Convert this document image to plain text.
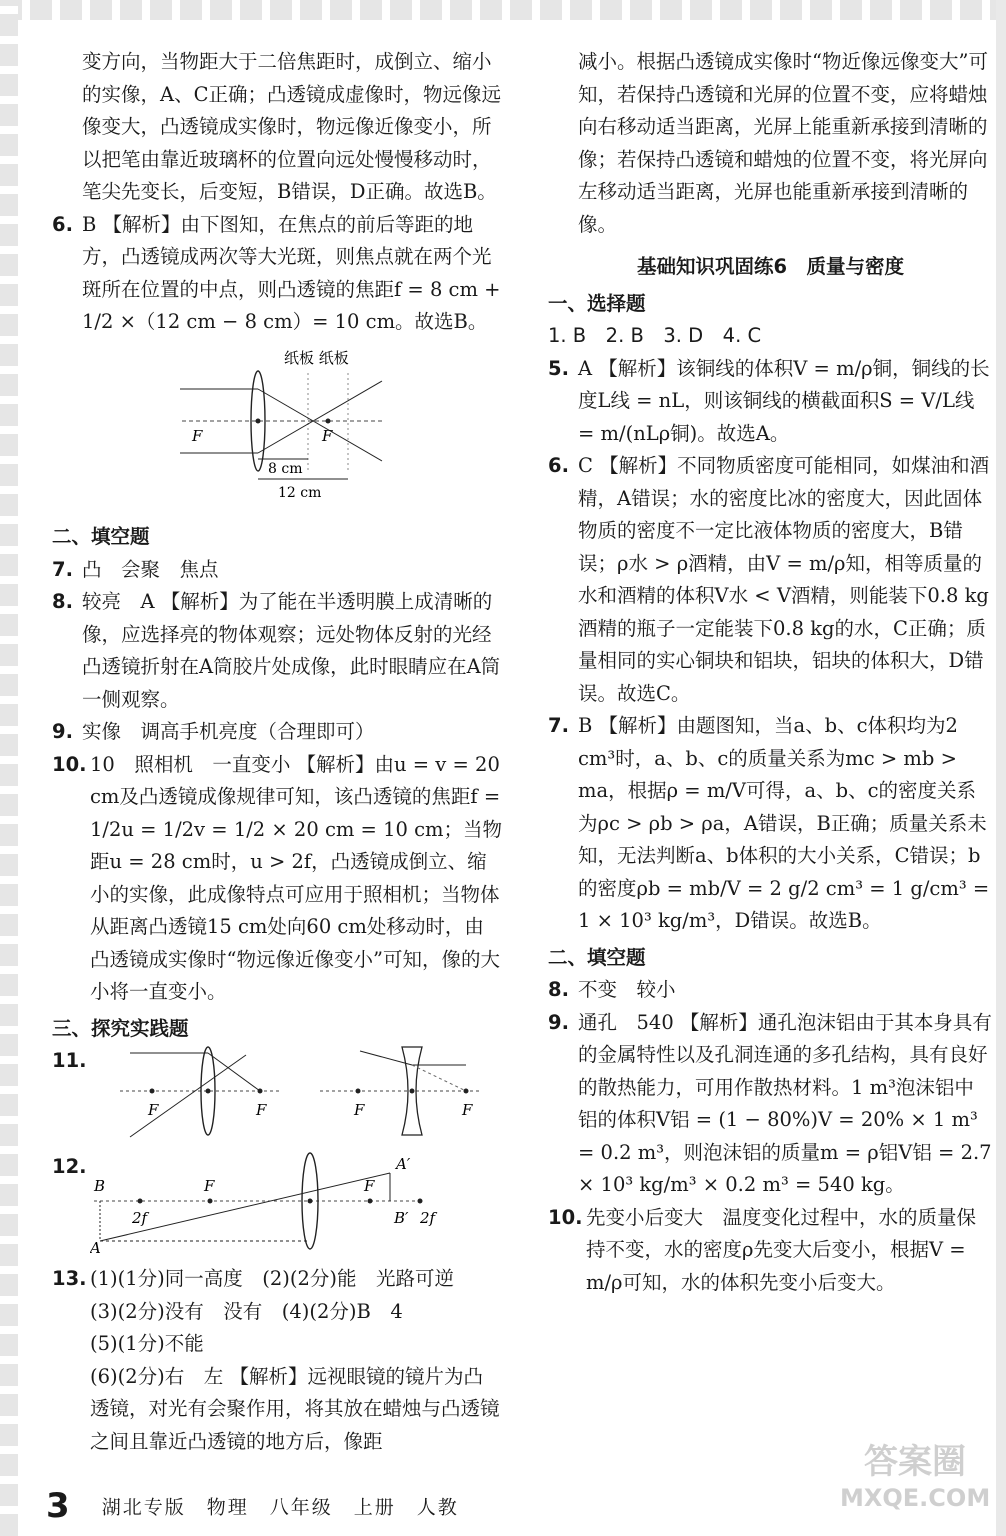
变方向，当物距大于二倍焦距时，成倒立、缩小的实像，A、C正确；凸透镜成虚像时，物远像远像变大，凸透镜成实像时，物远像近像变小，所以把笔由靠近玻璃杯的位置向远处慢慢移动时，笔尖先变长，后变短，B错误，D正确。故选B。

6. B 【解析】由下图知，在焦点的前后等距的地方，凸透镜成两次等大光斑，则焦点就在两个光斑所在位置的中点，则凸透镜的焦距f = 8 cm + 1/2 ×（12 cm − 8 cm）= 10 cm。故选B。
纸板 纸板
F	F
8 cm
12 cm
二、填空题
7. 凸　会聚　焦点
8. 较亮　A 【解析】为了能在半透明膜上成清晰的像，应选择亮的物体观察；远处物体反射的光经凸透镜折射在A筒胶片处成像，此时眼睛应在A筒一侧观察。
9. 实像　调高手机亮度（合理即可）
10. 10　照相机　一直变小 【解析】由u = v = 20 cm及凸透镜成像规律可知，该凸透镜的焦距f = 1/2u = 1/2v = 1/2 × 20 cm = 10 cm；当物距u = 28 cm时，u > 2f，凸透镜成倒立、缩小的实像，此成像特点可应用于照相机；当物体从距离凸透镜15 cm处向60 cm处移动时，由凸透镜成实像时“物远像近像变小”可知，像的大小将一直变小。
三、探究实践题
11.
F	F	F	F
12.
B
A
2f
F	F
A′
B′ 2f
13. (1)(1分)同一高度　(2)(2分)能　光路可逆
(3)(2分)没有　没有　(4)(2分)B　4
(5)(1分)不能
(6)(2分)右　左 【解析】远视眼镜的镜片为凸透镜，对光有会聚作用，将其放在蜡烛与凸透镜之间且靠近凸透镜的地方后，像距

减小。根据凸透镜成实像时“物近像远像变大”可知，若保持凸透镜和光屏的位置不变，应将蜡烛向右移动适当距离，光屏上能重新承接到清晰的像；若保持凸透镜和蜡烛的位置不变，将光屏向左移动适当距离，光屏也能重新承接到清晰的像。

基础知识巩固练6　质量与密度
一、选择题
1. B　2. B　3. D　4. C
5. A 【解析】该铜线的体积V = m/ρ铜，铜线的长度L线 = nL，则该铜线的横截面积S = V/L线 = m/(nLρ铜)。故选A。
6. C 【解析】不同物质密度可能相同，如煤油和酒精，A错误；水的密度比冰的密度大，因此固体物质的密度不一定比液体物质的密度大，B错误；ρ水 > ρ酒精，由V = m/ρ知，相等质量的水和酒精的体积V水 < V酒精，则能装下0.8 kg酒精的瓶子一定能装下0.8 kg的水，C正确；质量相同的实心铜块和铝块，铝块的体积大，D错误。故选C。
7. B 【解析】由题图知，当a、b、c体积均为2 cm³时，a、b、c的质量关系为mc > mb > ma，根据ρ = m/V可得，a、b、c的密度关系为ρc > ρb > ρa，A错误，B正确；质量关系未知，无法判断a、b体积的大小关系，C错误；b的密度ρb = mb/V = 2 g/2 cm³ = 1 g/cm³ = 1 × 10³ kg/m³，D错误。故选B。
二、填空题
8. 不变　较小
9. 通孔　540 【解析】通孔泡沫铝由于其本身具有的金属特性以及孔洞连通的多孔结构，具有良好的散热能力，可用作散热材料。1 m³泡沫铝中铝的体积V铝 = (1 − 80%)V = 20% × 1 m³ = 0.2 m³，则泡沫铝的质量m = ρ铝V铝 = 2.7 × 10³ kg/m³ × 0.2 m³ = 540 kg。
10. 先变小后变大　温度变化过程中，水的质量保持不变，水的密度ρ先变大后变小，根据V = m/ρ可知，水的体积先变小后变大。
3 湖北专版　物理　八年级　上册　人教
答案圈
MXQE.COM
